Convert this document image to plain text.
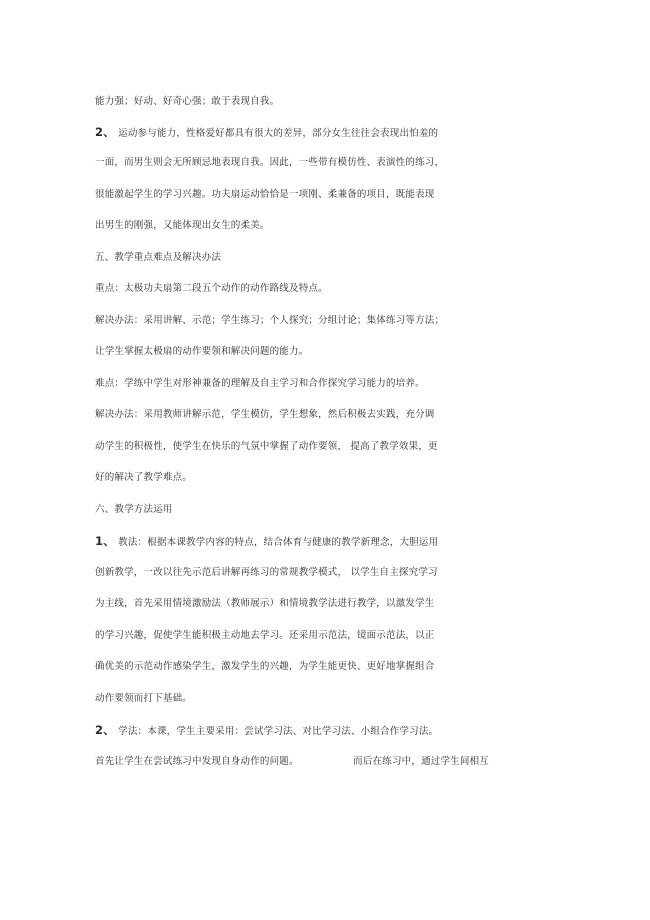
能力强；好动、好奇心强；敢于表现自我。
2、 运动参与能力，性格爱好都具有很大的差异，部分女生往往会表现出怕羞的
一面，而男生则会无所顾忌地表现自我。因此，一些带有模仿性、表演性的练习，
很能激起学生的学习兴趣。功夫扇运动恰恰是一项刚、柔兼备的项目，既能表现
出男生的刚强，又能体现出女生的柔美。
五、教学重点难点及解决办法
重点：太极功夫扇第二段五个动作的动作路线及特点。
解决办法：采用讲解、示范；学生练习；个人探究；分组讨论；集体练习等方法；
让学生掌握太极扇的动作要领和解决问题的能力。
难点：学练中学生对形神兼备的理解及自主学习和合作探究学习能力的培养。
解决办法：采用教师讲解示范，学生模仿，学生想象，然后积极去实践，充分调
动学生的积极性，使学生在快乐的气氛中掌握了动作要领， 提高了教学效果，更
好的解决了教学难点。
六、教学方法运用
1、 教法：根据本课教学内容的特点，结合体育与健康的教学新理念，大胆运用
创新教学，一改以往先示范后讲解再练习的常规教学模式， 以学生自主探究学习
为主线，首先采用情境激励法（教师展示）和情境教学法进行教学，以激发学生
的学习兴趣，促使学生能积极主动地去学习。还采用示范法，镜面示范法，以正
确优美的示范动作感染学生，激发学生的兴趣，为学生能更快、更好地掌握组合
动作要领而打下基础。
2、 学法：本课，学生主要采用：尝试学习法、对比学习法、小组合作学习法。
首先让学生在尝试练习中发现自身动作的问题。	而后在练习中，通过学生间相互
